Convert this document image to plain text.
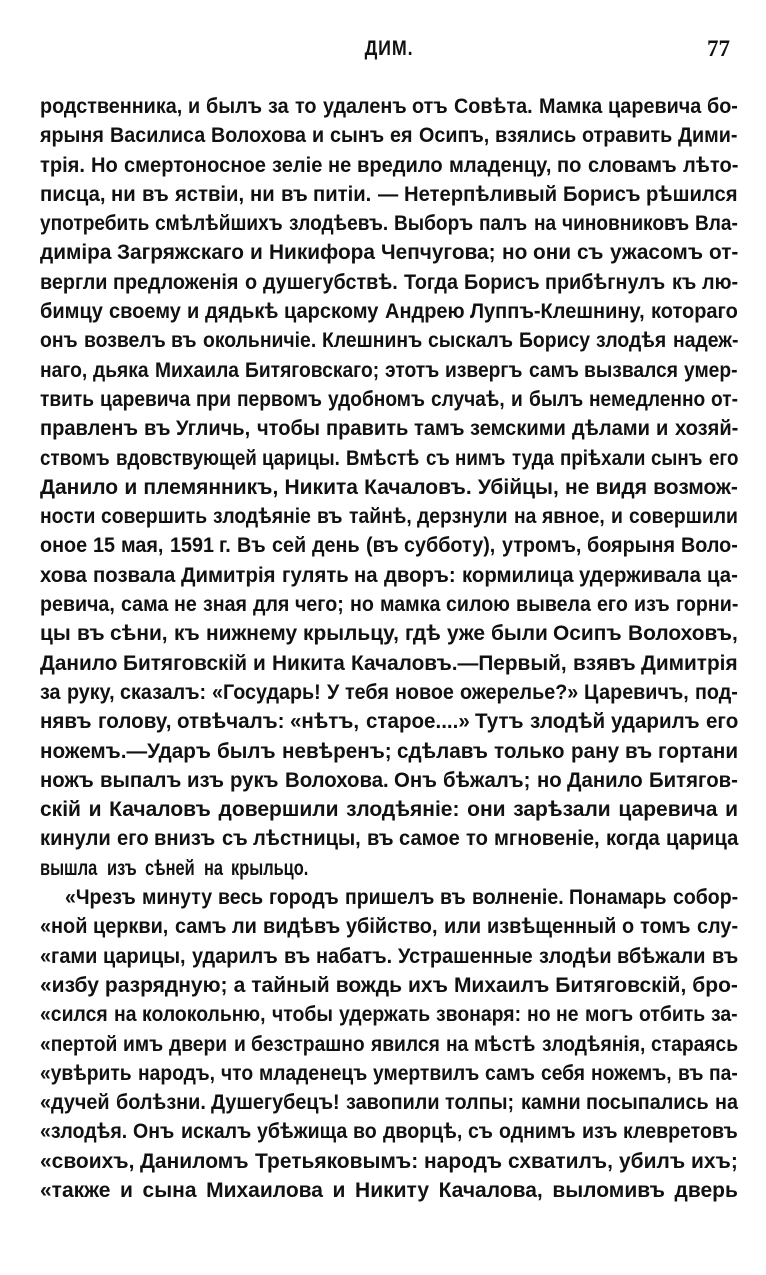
ДИМ.	77
родственника, и былъ за то удаленъ отъ Совѣта. Мамка царевича бо-
ярыня Василиса Волохова и сынъ ея Осипъ, взялись отравить Дими-
трія. Но смертоносное зеліе не вредило младенцу, по словамъ лѣто-
писца, ни въ яствіи, ни въ питіи. — Нетерпѣливый Борисъ рѣшился
употребить смѣлѣйшихъ злодѣевъ. Выборъ палъ на чиновниковъ Вла-
диміра Загряжскаго и Никифора Чепчугова; но они съ ужасомъ от-
вергли предложенія о душегубствѣ. Тогда Борисъ прибѣгнулъ къ лю-
бимцу своему и дядькѣ царскому Андрею Луппъ-Клешнину, котораго
онъ возвелъ въ окольничіе. Клешнинъ сыскалъ Борису злодѣя надеж-
наго, дьяка Михаила Битяговскаго; этотъ извергъ самъ вызвался умер-
твить царевича при первомъ удобномъ случаѣ, и былъ немедленно от-
правленъ въ Угличь, чтобы править тамъ земскими дѣлами и хозяй-
ствомъ вдовствующей царицы. Вмѣстѣ съ нимъ туда пріѣхали сынъ его
Данило и племянникъ, Никита Качаловъ. Убійцы, не видя возмож-
ности совершить злодѣяніе въ тайнѣ, дерзнули на явное, и совершили
оное 15 мая, 1591 г. Въ сей день (въ субботу), утромъ, боярыня Воло-
хова позвала Димитрія гулять на дворъ: кормилица удерживала ца-
ревича, сама не зная для чего; но мамка силою вывела его изъ горни-
цы въ сѣни, къ нижнему крыльцу, гдѣ уже были Осипъ Волоховъ,
Данило Битяговскій и Никита Качаловъ.—Первый, взявъ Димитрія
за руку, сказалъ: «Государь! У тебя новое ожерелье?» Царевичъ, под-
нявъ голову, отвѣчалъ: «нѣтъ, старое....» Тутъ злодѣй ударилъ его
ножемъ.—Ударъ былъ невѣренъ; сдѣлавъ только рану въ гортани
ножъ выпалъ изъ рукъ Волохова. Онъ бѣжалъ; но Данило Битягов-
скій и Качаловъ довершили злодѣяніе: они зарѣзали царевича и
кинули его внизъ съ лѣстницы, въ самое то мгновеніе, когда царица
вышла изъ сѣней на крыльцо.
«Чрезъ минуту весь городъ пришелъ въ волненіе. Понамарь собор-
«ной церкви, самъ ли видѣвъ убійство, или извѣщенный о томъ слу-
«гами царицы, ударилъ въ набатъ. Устрашенные злодѣи вбѣжали въ
«избу разрядную; а тайный вождь ихъ Михаилъ Битяговскій, бро-
«сился на колокольню, чтобы удержать звонаря: но не могъ отбить за-
«пертой имъ двери и безстрашно явился на мѣстѣ злодѣянія, стараясь
«увѣрить народъ, что младенецъ умертвилъ самъ себя ножемъ, въ па-
«дучей болѣзни. Душегубецъ! завопили толпы; камни посыпались на
«злодѣя. Онъ искалъ убѣжища во дворцѣ, съ однимъ изъ клевретовъ
«своихъ, Даниломъ Третьяковымъ: народъ схватилъ, убилъ ихъ;
«также и сына Михаилова и Никиту Качалова, выломивъ дверь
